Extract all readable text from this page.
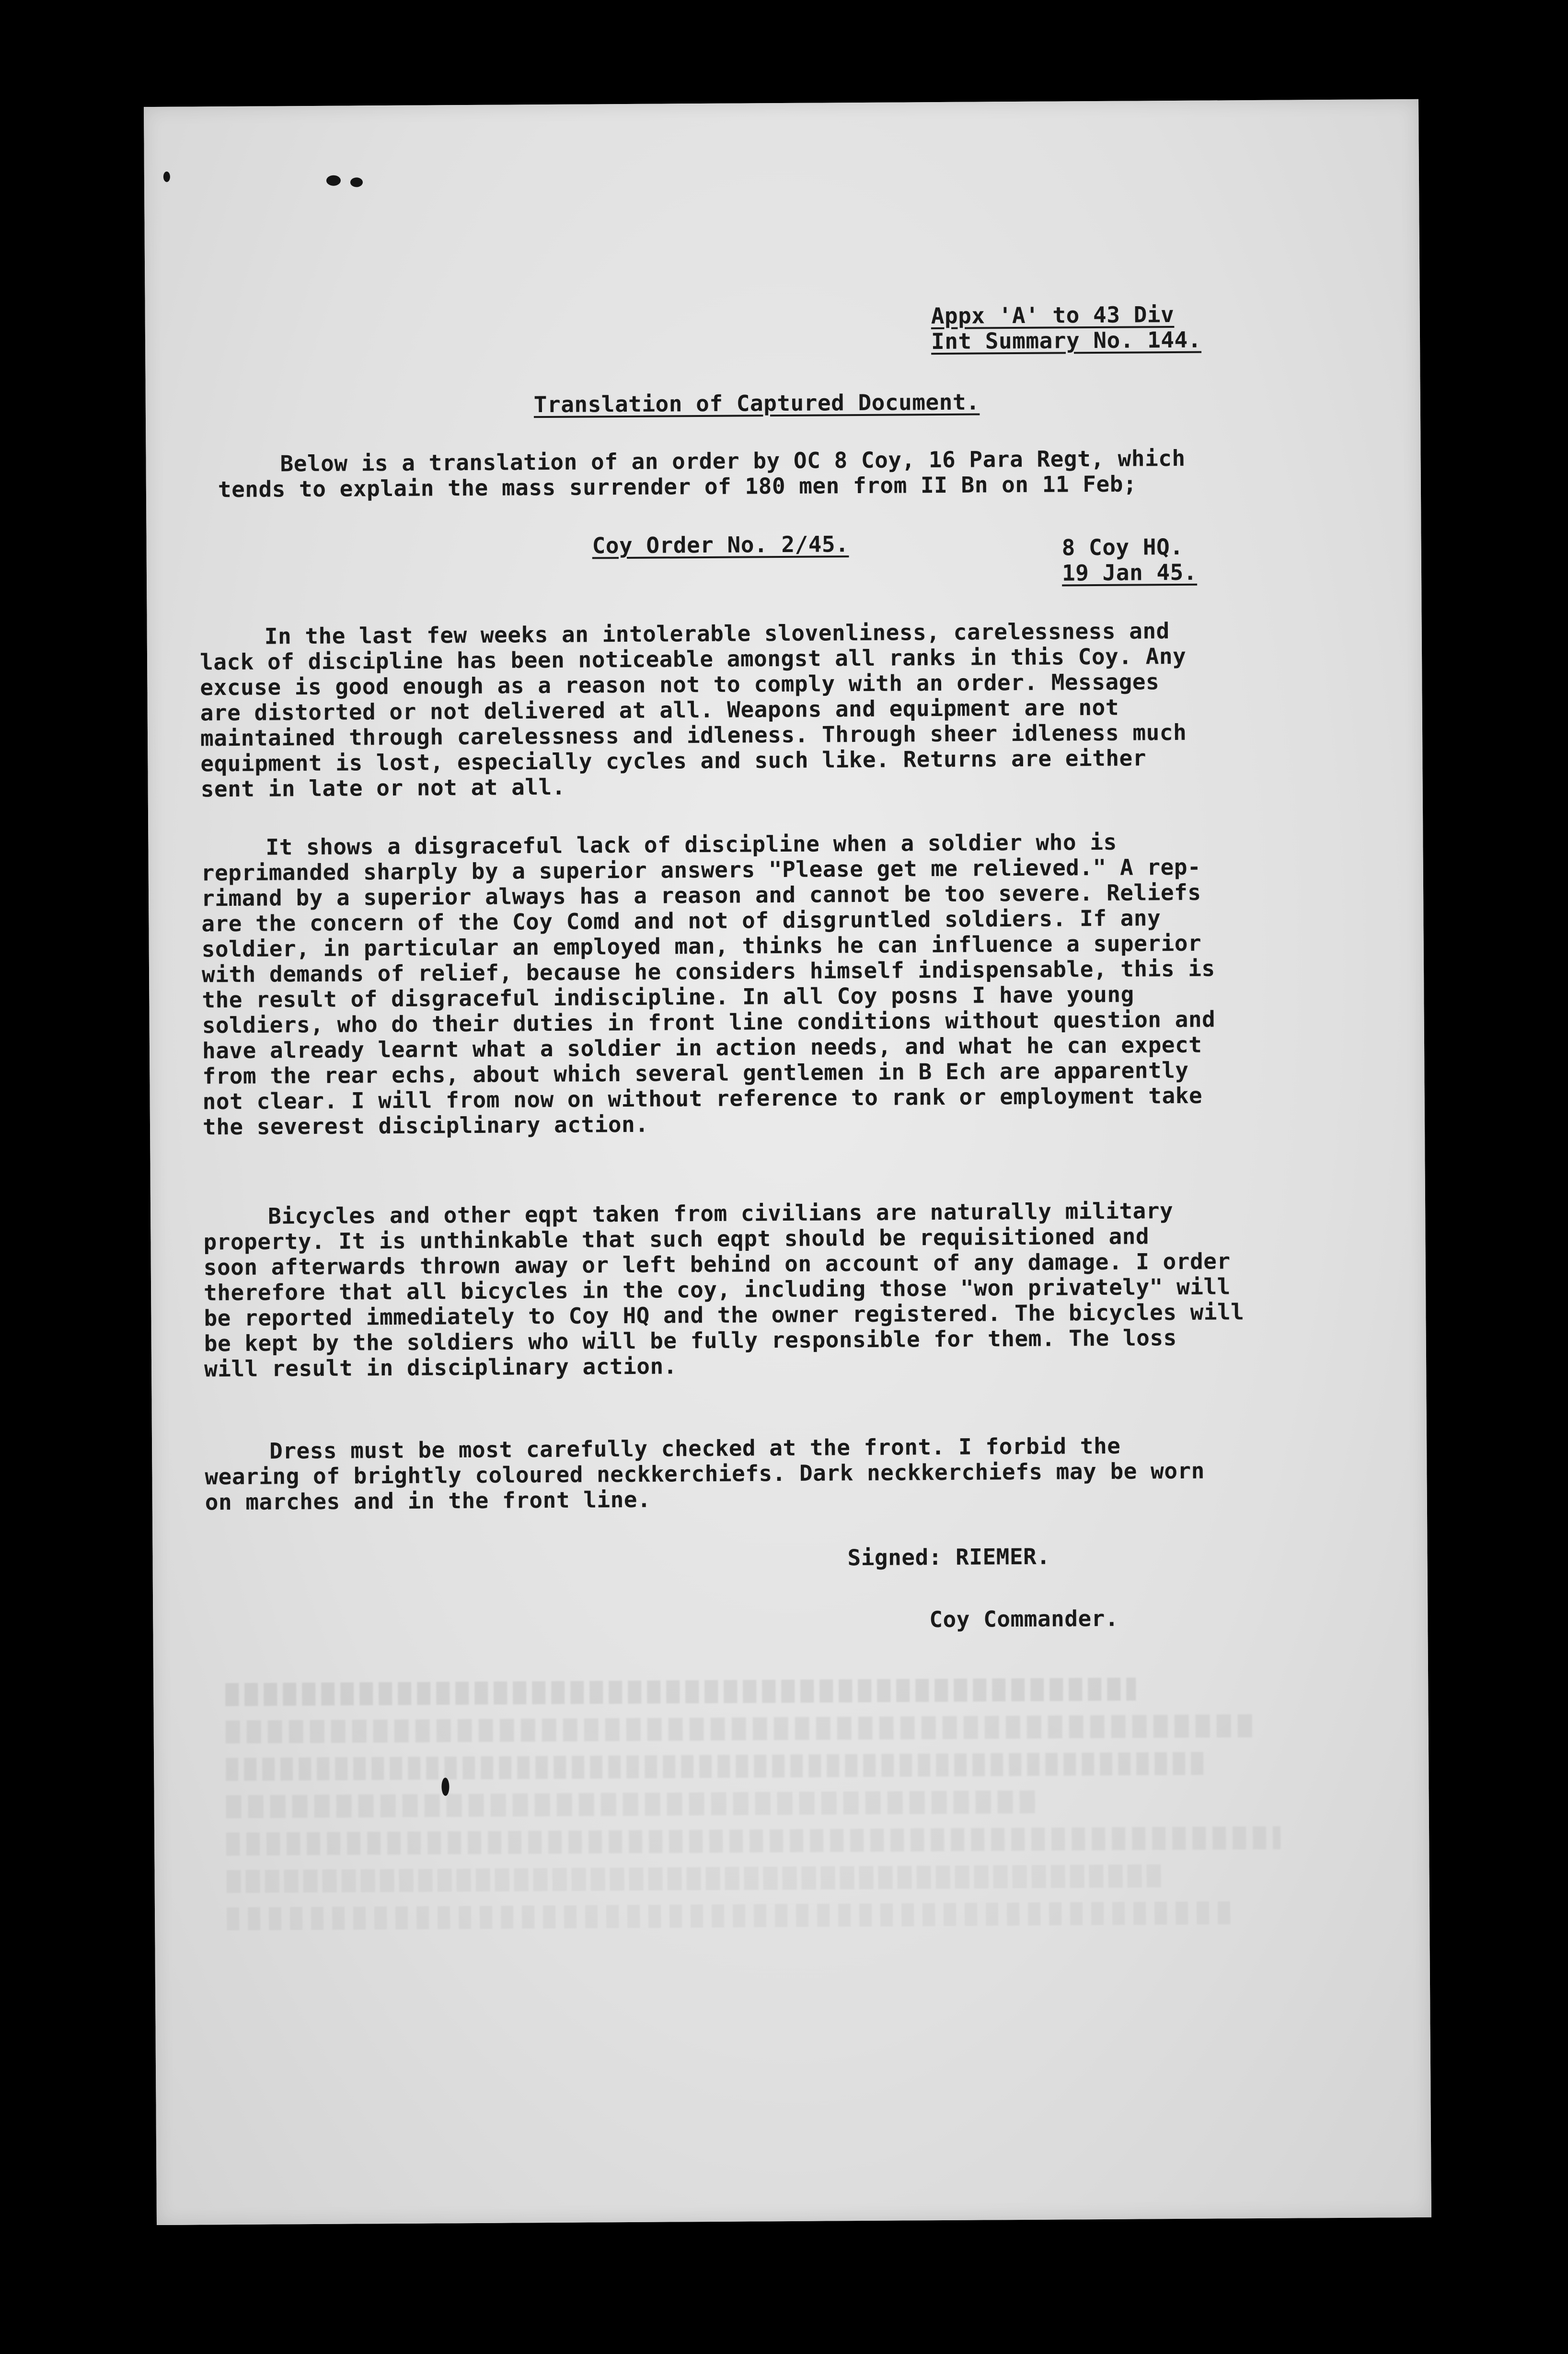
Appx 'A' to 43 Div
Int Summary No. 144.
Translation of Captured Document.
Below is a translation of an order by OC 8 Coy, 16 Para Regt, which
tends to explain the mass surrender of 180 men from II Bn on 11 Feb;
Coy Order No. 2/45.	8 Coy HQ.
19 Jan 45.
In the last few weeks an intolerable slovenliness, carelessness and
lack of discipline has been noticeable amongst all ranks in this Coy. Any
excuse is good enough as a reason not to comply with an order. Messages
are distorted or not delivered at all. Weapons and equipment are not
maintained through carelessness and idleness. Through sheer idleness much
equipment is lost, especially cycles and such like. Returns are either
sent in late or not at all.
It shows a disgraceful lack of discipline when a soldier who is
reprimanded sharply by a superior answers "Please get me relieved." A rep-
rimand by a superior always has a reason and cannot be too severe. Reliefs
are the concern of the Coy Comd and not of disgruntled soldiers. If any
soldier, in particular an employed man, thinks he can influence a superior
with demands of relief, because he considers himself indispensable, this is
the result of disgraceful indiscipline. In all Coy posns I have young
soldiers, who do their duties in front line conditions without question and
have already learnt what a soldier in action needs, and what he can expect
from the rear echs, about which several gentlemen in B Ech are apparently
not clear. I will from now on without reference to rank or employment take
the severest disciplinary action.
Bicycles and other eqpt taken from civilians are naturally military
property. It is unthinkable that such eqpt should be requisitioned and
soon afterwards thrown away or left behind on account of any damage. I order
therefore that all bicycles in the coy, including those "won privately" will
be reported immediately to Coy HQ and the owner registered. The bicycles will
be kept by the soldiers who will be fully responsible for them. The loss
will result in disciplinary action.
Dress must be most carefully checked at the front. I forbid the
wearing of brightly coloured neckkerchiefs. Dark neckkerchiefs may be worn
on marches and in the front line.
Signed: RIEMER.
Coy Commander.
